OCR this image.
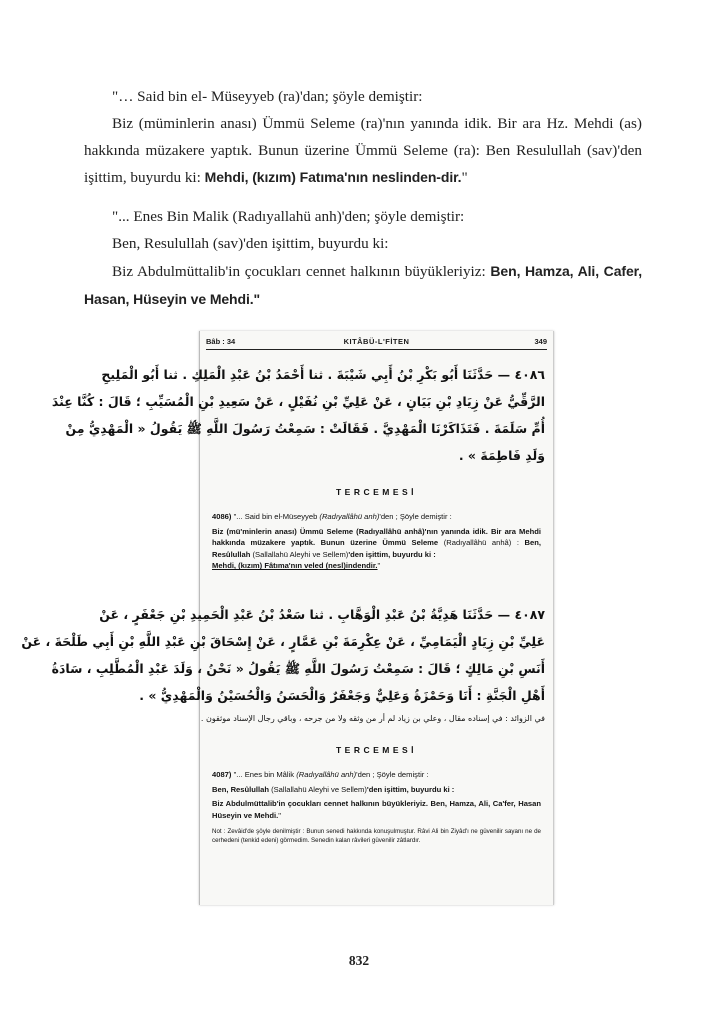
"… Said bin el- Müseyyeb (ra)'dan; şöyle demiştir:

Biz (müminlerin anası) Ümmü Seleme (ra)'nın yanında idik. Bir ara Hz. Mehdi (as) hakkında müzakere yaptık. Bunun üzerine Ümmü Seleme (ra): Ben Resulullah (sav)'den işittim, buyurdu ki: Mehdi, (kızım) Fatıma'nın neslinden-dir."

"... Enes Bin Malik (Radıyallahü anh)'den; şöyle demiştir:

Ben, Resulullah (sav)'den işittim, buyurdu ki:

Biz Abdulmüttalib'in çocukları cennet halkının büyükleriyiz: Ben, Hamza, Ali, Cafer, Hasan, Hüseyin ve Mehdi."

Bâb : 34	KITÂBÜ-L'FİTEN	349
٤٠٨٦ — حَدَّثَنَا أَبُو بَكْرِ بْنُ أَبِي شَيْبَةَ . ثنا أَحْمَدُ بْنُ عَبْدِ الْمَلِكِ . ثنا أَبُو الْمَلِيحِ
الرَّقِّيُّ عَنْ زِيَادِ بْنِ بَيَانٍ ، عَنْ عَلِيِّ بْنِ نُفَيْلٍ ، عَنْ سَعِيدِ بْنِ الْمُسَيِّبِ ؛ قَالَ : كُنَّا عِنْدَ
أُمِّ سَلَمَةَ . فَتَذَاكَرْنَا الْمَهْدِيَّ . فَقَالَتْ : سَمِعْتُ رَسُولَ اللَّهِ ﷺ يَقُولُ « الْمَهْدِيُّ مِنْ
وَلَدِ فَاطِمَةَ » .
TERCEMESİ
4086) "... Said bin el-Müseyyeb (Radıyallâhü anh)'den ; Şöyle demiştir :
Biz (mü'minlerin anası) Ümmü Seleme (Radıyallâhü anhâ)'nın yanında idik. Bir ara Mehdi hakkında müzakere yaptık. Bunun üzerine Ümmü Seleme (Radıyallâhü anhâ) : Ben, Resûlullah (Sallallahü Aleyhi ve Sellem)'den işittim, buyurdu ki :
Mehdi, (kızım) Fâtıma'nın veled (nesl)indendir."
٤٠٨٧ — حَدَّثَنَا هَدِيَّةُ بْنُ عَبْدِ الْوَهَّابِ . ثنا سَعْدُ بْنُ عَبْدِ الْحَمِيدِ بْنِ جَعْفَرٍ ، عَنْ
عَلِيِّ بْنِ زِيَادٍ الْيَمَامِيِّ ، عَنْ عِكْرِمَةَ بْنِ عَمَّارٍ ، عَنْ إِسْحَاقَ بْنِ عَبْدِ اللَّهِ بْنِ أَبِي طَلْحَةَ ، عَنْ
أَنَسِ بْنِ مَالِكٍ ؛ قَالَ : سَمِعْتُ رَسُولَ اللَّهِ ﷺ يَقُولُ « نَحْنُ ، وَلَدَ عَبْدِ الْمُطَّلِبِ ، سَادَةُ
أَهْلِ الْجَنَّةِ : أَنَا وَحَمْزَةُ وَعَلِيٌّ وَجَعْفَرٌ وَالْحَسَنُ وَالْحُسَيْنُ وَالْمَهْدِيُّ » .
في الزوائد : في إسناده مقال ، وعلي بن زياد لم أر من وثقه ولا من جرحه ، وباقي رجال الإسناد موثقون .
TERCEMESİ
4087) "... Enes bin Mâlik (Radıyallâhü anh)'den ; Şöyle demiştir :
Ben, Resûlullah (Sallallahü Aleyhi ve Sellem)'den işittim, buyurdu ki :
Biz Abdulmüttalib'in çocukları cennet halkının büyükleriyiz. Ben, Hamza, Ali, Ca'fer, Hasan Hüseyin ve Mehdi."
Not : Zevâid'de şöyle denilmiştir : Bunun senedi hakkında konuşulmuştur. Râvi Ali bin Ziyâd'ı ne güvenilir sayanı ne de cerhedeni (tenkid edeni) görmedim. Senedin kalan râvileri güvenilir zâtlardır.
832
